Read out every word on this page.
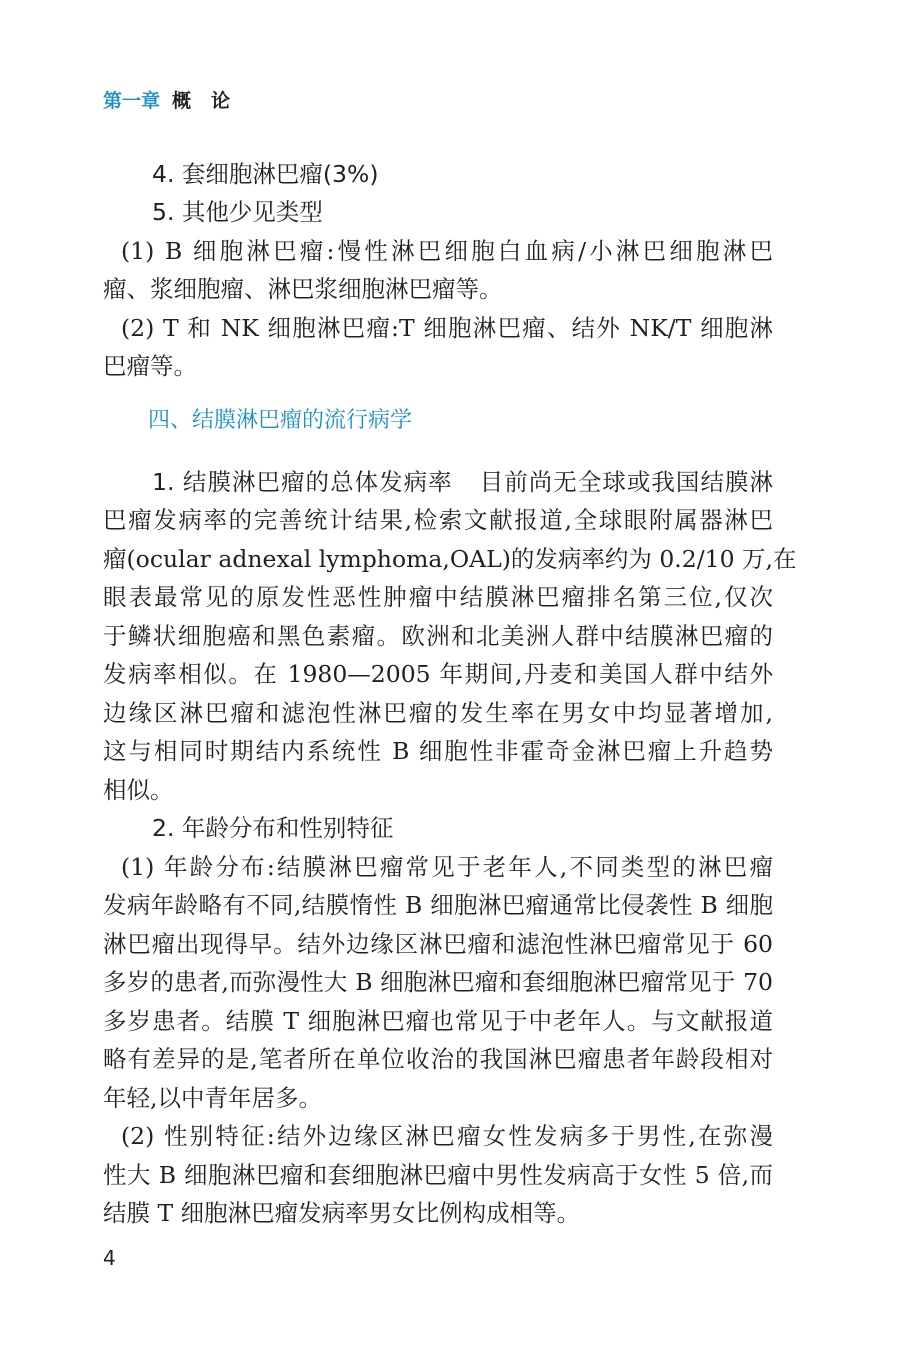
第一章 概论
4. 套细胞淋巴瘤(3%)
5. 其他少见类型
(1) B 细胞淋巴瘤:慢性淋巴细胞白血病/小淋巴细胞淋巴
瘤、浆细胞瘤、淋巴浆细胞淋巴瘤等。
(2) T 和 NK 细胞淋巴瘤:T 细胞淋巴瘤、结外 NK/T 细胞淋
巴瘤等。
四、结膜淋巴瘤的流行病学
1. 结膜淋巴瘤的总体发病率 目前尚无全球或我国结膜淋
巴瘤发病率的完善统计结果,检索文献报道,全球眼附属器淋巴
瘤(ocular adnexal lymphoma,OAL)的发病率约为 0.2/10 万,在
眼表最常见的原发性恶性肿瘤中结膜淋巴瘤排名第三位,仅次
于鳞状细胞癌和黑色素瘤。欧洲和北美洲人群中结膜淋巴瘤的
发病率相似。在 1980—2005 年期间,丹麦和美国人群中结外
边缘区淋巴瘤和滤泡性淋巴瘤的发生率在男女中均显著增加,
这与相同时期结内系统性 B 细胞性非霍奇金淋巴瘤上升趋势
相似。
2. 年龄分布和性别特征
(1) 年龄分布:结膜淋巴瘤常见于老年人,不同类型的淋巴瘤
发病年龄略有不同,结膜惰性 B 细胞淋巴瘤通常比侵袭性 B 细胞
淋巴瘤出现得早。结外边缘区淋巴瘤和滤泡性淋巴瘤常见于 60
多岁的患者,而弥漫性大 B 细胞淋巴瘤和套细胞淋巴瘤常见于 70
多岁患者。结膜 T 细胞淋巴瘤也常见于中老年人。与文献报道
略有差异的是,笔者所在单位收治的我国淋巴瘤患者年龄段相对
年轻,以中青年居多。
(2) 性别特征:结外边缘区淋巴瘤女性发病多于男性,在弥漫
性大 B 细胞淋巴瘤和套细胞淋巴瘤中男性发病高于女性 5 倍,而
结膜 T 细胞淋巴瘤发病率男女比例构成相等。
4
